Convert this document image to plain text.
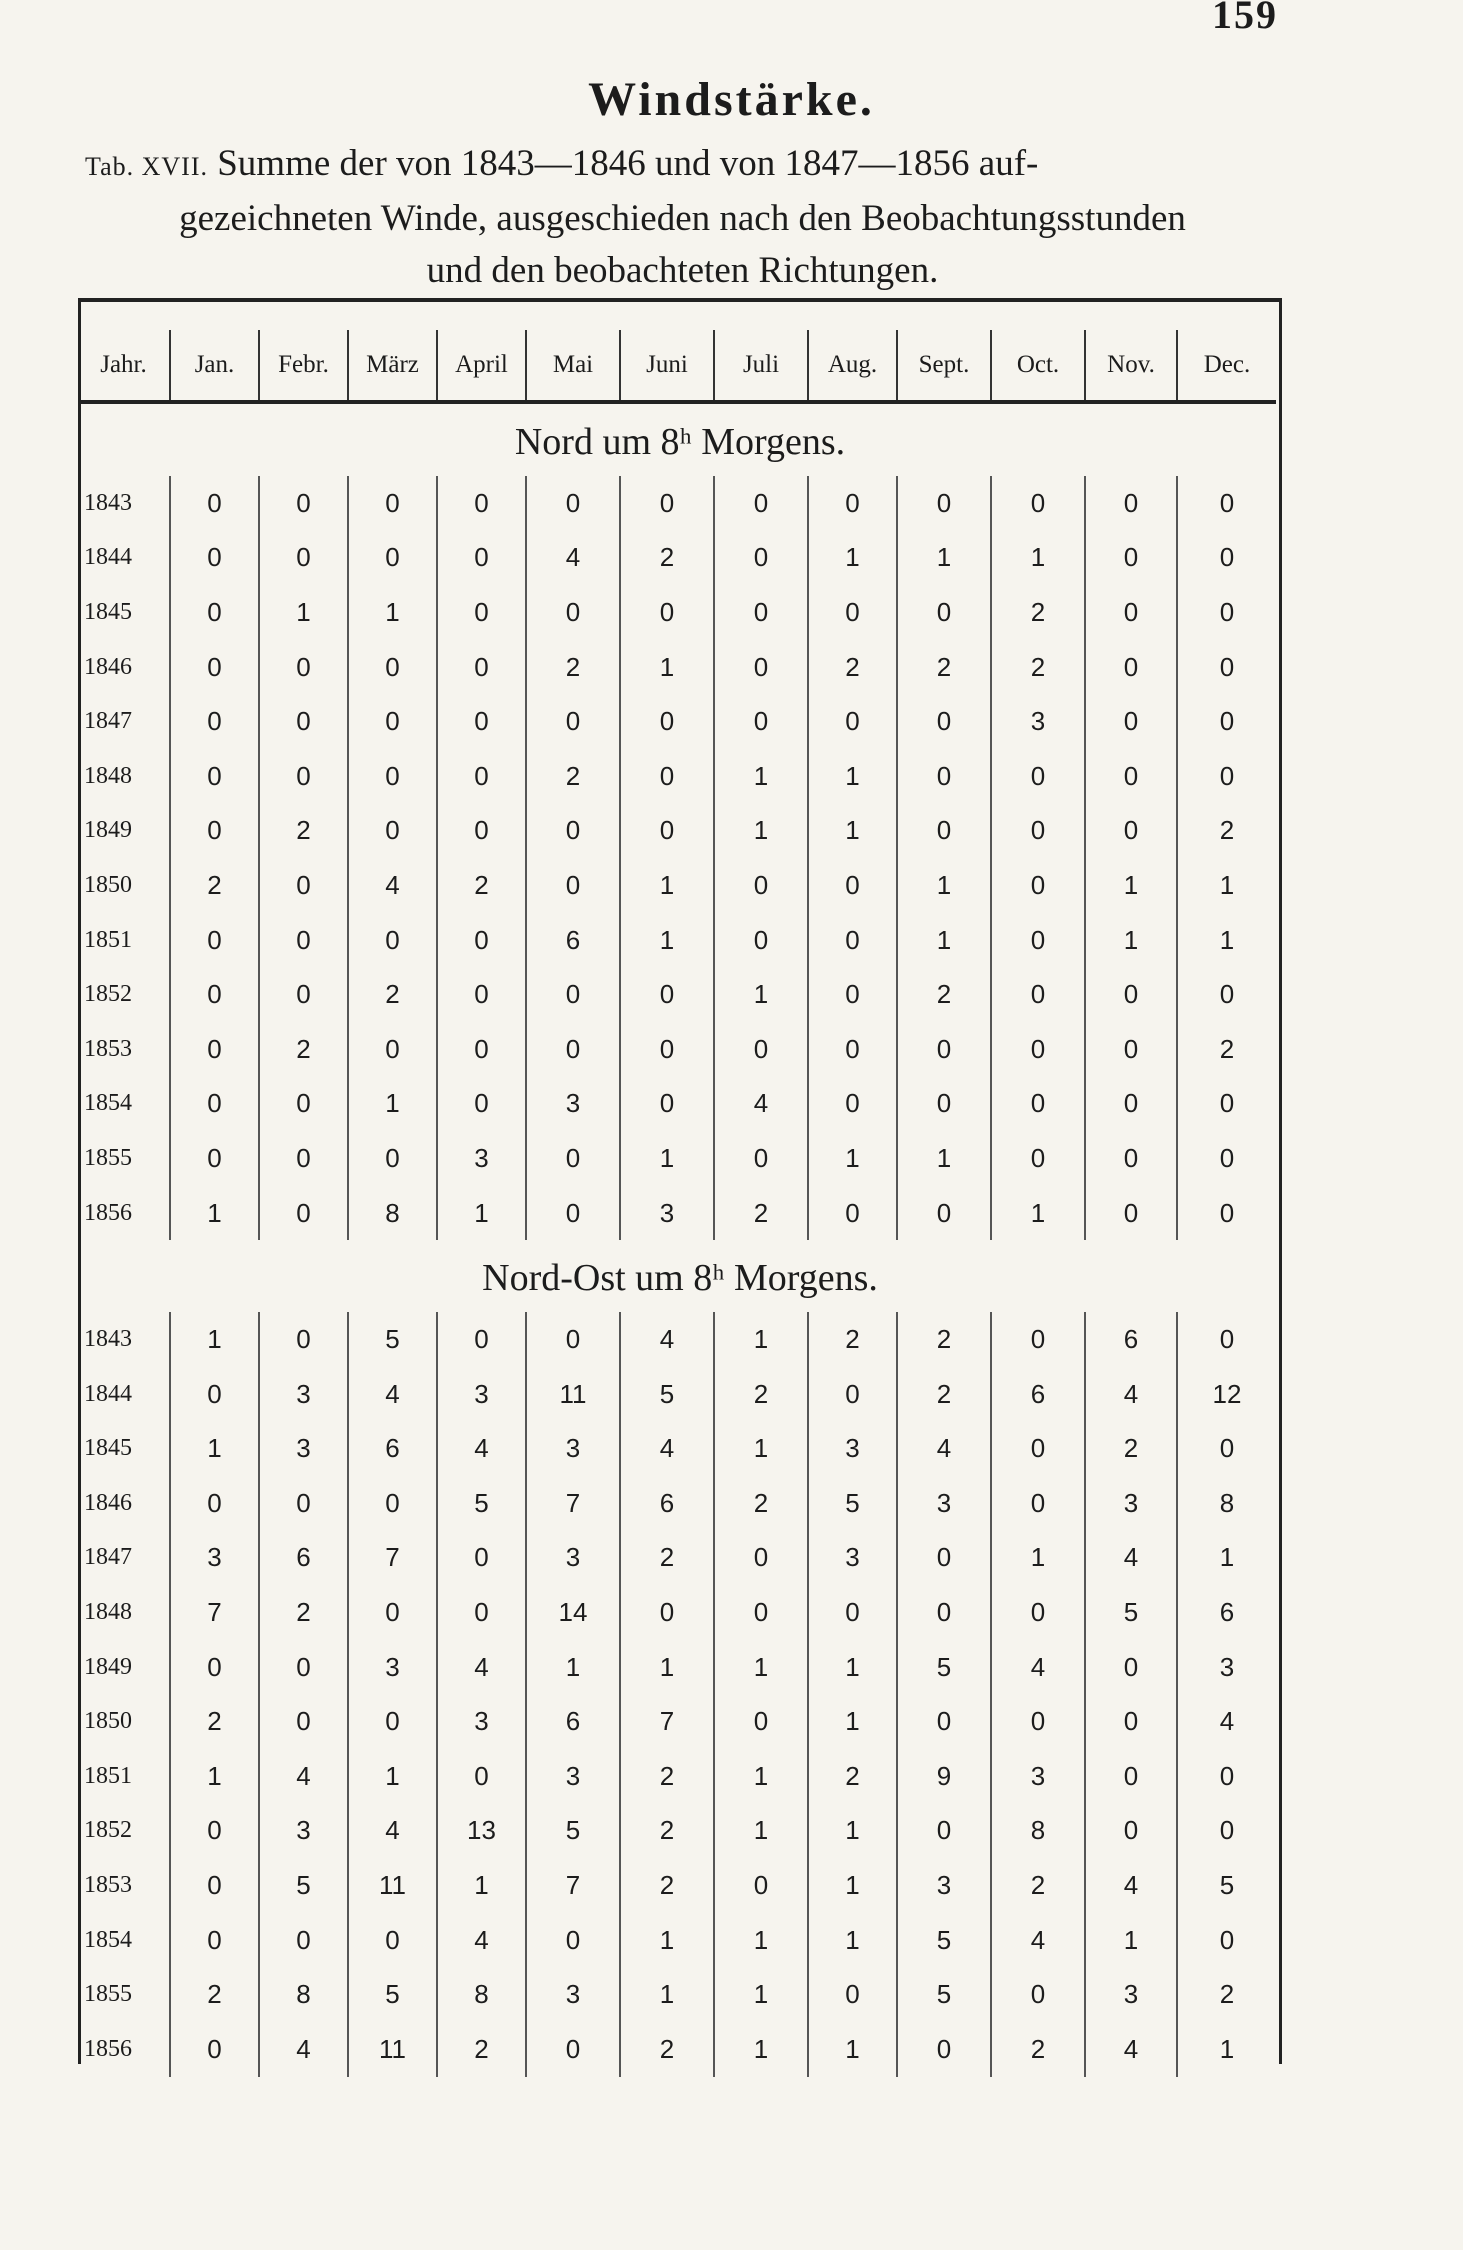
159
Windstärke.
Tab. XVII. Summe der von 1843—1846 und von 1847—1856 auf-
gezeichneten Winde, ausgeschieden nach den Beobachtungsstunden
und den beobachteten Richtungen.
Jahr.	Jan.	Febr.	März	April	Mai	Juni	Juli	Aug.	Sept.	Oct.	Nov.	Dec.
Nord um 8ʰ Morgens.												
1843	0	0	0	0	0	0	0	0	0	0	0	0
1844	0	0	0	0	4	2	0	1	1	1	0	0
1845	0	1	1	0	0	0	0	0	0	2	0	0
1846	0	0	0	0	2	1	0	2	2	2	0	0
1847	0	0	0	0	0	0	0	0	0	3	0	0
1848	0	0	0	0	2	0	1	1	0	0	0	0
1849	0	2	0	0	0	0	1	1	0	0	0	2
1850	2	0	4	2	0	1	0	0	1	0	1	1
1851	0	0	0	0	6	1	0	0	1	0	1	1
1852	0	0	2	0	0	0	1	0	2	0	0	0
1853	0	2	0	0	0	0	0	0	0	0	0	2
1854	0	0	1	0	3	0	4	0	0	0	0	0
1855	0	0	0	3	0	1	0	1	1	0	0	0
1856	1	0	8	1	0	3	2	0	0	1	0	0
Nord-Ost um 8ʰ Morgens.												
1843	1	0	5	0	0	4	1	2	2	0	6	0
1844	0	3	4	3	11	5	2	0	2	6	4	12
1845	1	3	6	4	3	4	1	3	4	0	2	0
1846	0	0	0	5	7	6	2	5	3	0	3	8
1847	3	6	7	0	3	2	0	3	0	1	4	1
1848	7	2	0	0	14	0	0	0	0	0	5	6
1849	0	0	3	4	1	1	1	1	5	4	0	3
1850	2	0	0	3	6	7	0	1	0	0	0	4
1851	1	4	1	0	3	2	1	2	9	3	0	0
1852	0	3	4	13	5	2	1	1	0	8	0	0
1853	0	5	11	1	7	2	0	1	3	2	4	5
1854	0	0	0	4	0	1	1	1	5	4	1	0
1855	2	8	5	8	3	1	1	0	5	0	3	2
1856	0	4	11	2	0	2	1	1	0	2	4	1
